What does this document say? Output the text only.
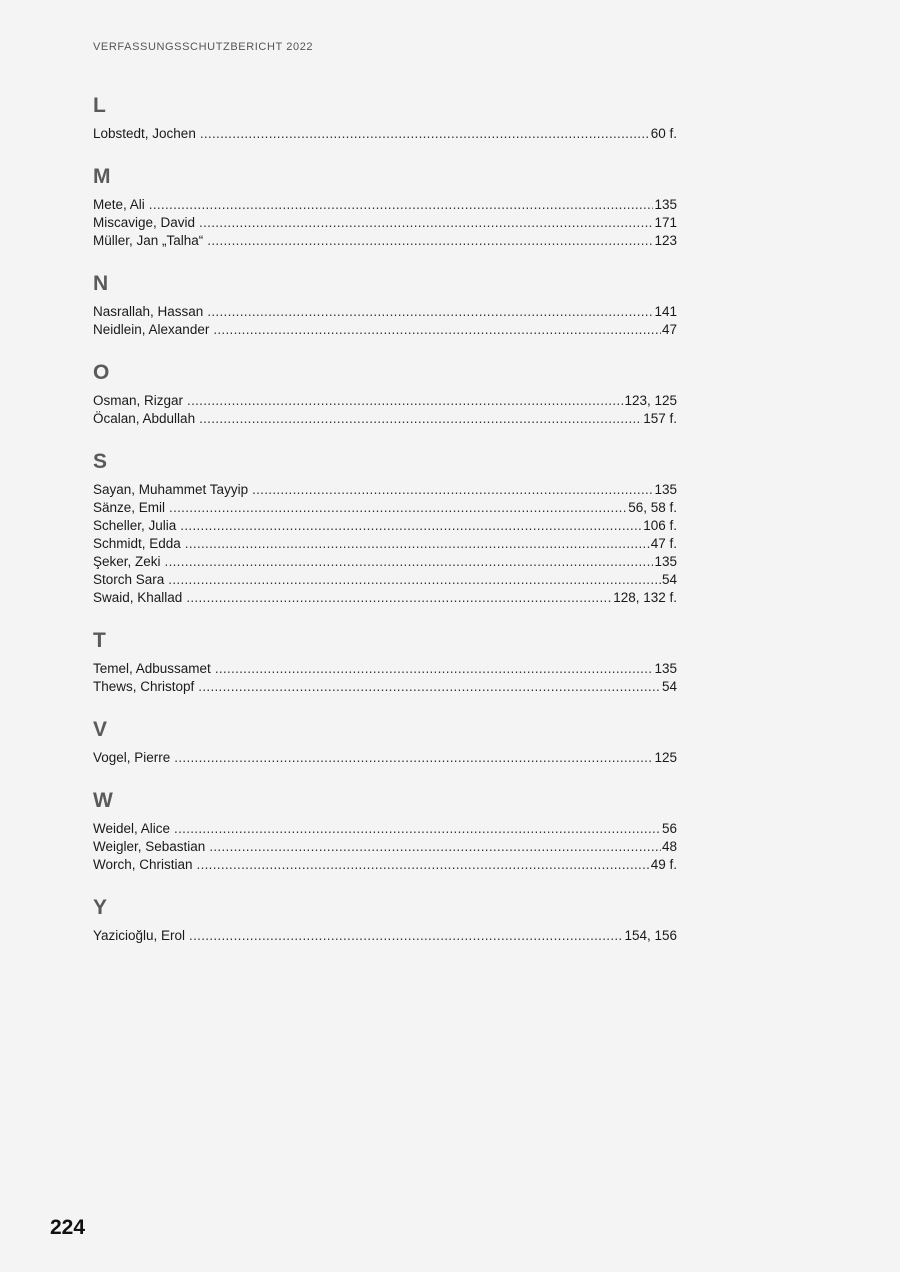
VERFASSUNGSSCHUTZBERICHT 2022
L
Lobstedt, Jochen .....	60 f.
M
Mete, Ali .....	135
Miscavige, David .....	171
Müller, Jan „Talha“ .....	123
N
Nasrallah, Hassan .....	141
Neidlein, Alexander .....	47
O
Osman, Rizgar .....	123, 125
Öcalan, Abdullah .....	157 f.
S
Sayan, Muhammet Tayyip .....	135
Sänze, Emil .....	56, 58 f.
Scheller, Julia .....	106 f.
Schmidt, Edda .....	47 f.
Şeker, Zeki .....	135
Storch Sara .....	54
Swaid, Khallad .....	128, 132 f.
T
Temel, Adbussamet .....	135
Thews, Christopf .....	54
V
Vogel, Pierre .....	125
W
Weidel, Alice .....	56
Weigler, Sebastian .....	48
Worch, Christian .....	49 f.
Y
Yazicioğlu, Erol .....	154, 156
224
